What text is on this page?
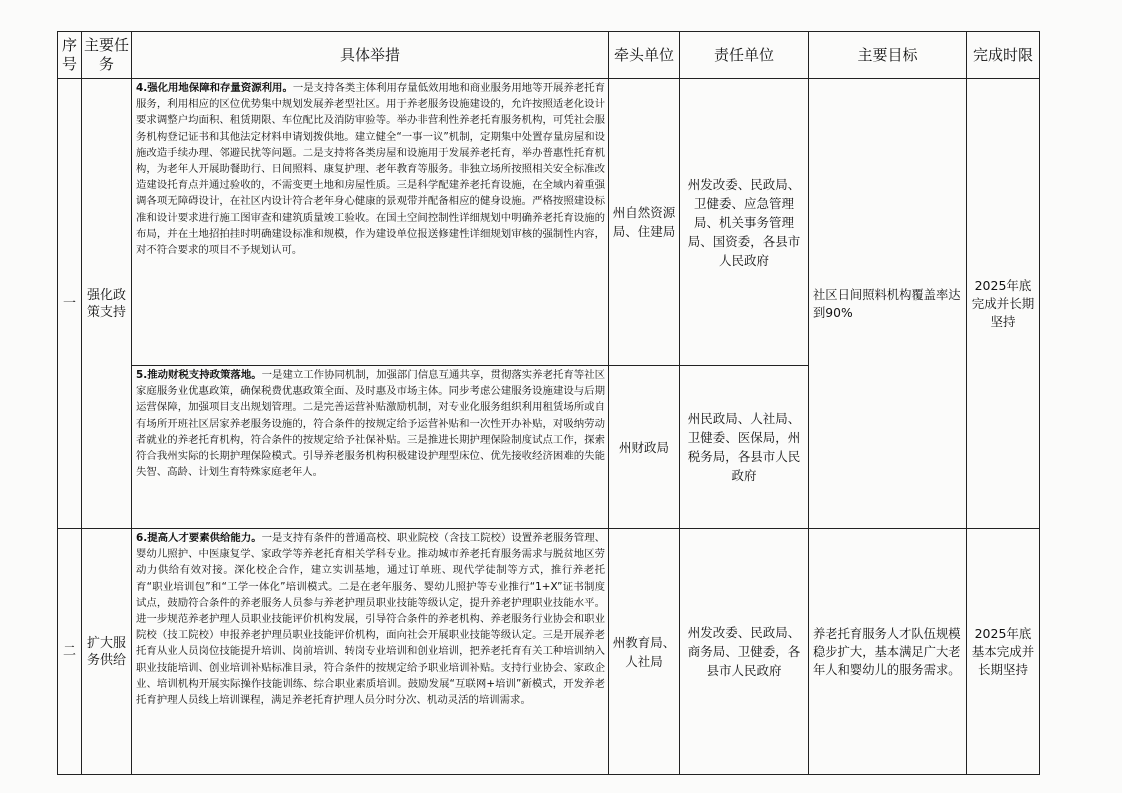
序号	主要任务	具体举措	牵头单位	责任单位	主要目标	完成时限
一	强化政策支持	4.强化用地保障和存量资源利用。一是支持各类主体利用存量低效用地和商业服务用地等开展养老托育服务，利用相应的区位优势集中规划发展养老型社区。用于养老服务设施建设的，允许按照适老化设计要求调整户均面积、租赁期限、车位配比及消防审验等。举办非营利性养老托育服务机构，可凭社会服务机构登记证书和其他法定材料申请划拨供地。建立健全“一事一议”机制，定期集中处置存量房屋和设施改造手续办理、邻避民扰等问题。二是支持将各类房屋和设施用于发展养老托育，举办普惠性托育机构，为老年人开展助餐助行、日间照料、康复护理、老年教育等服务。非独立场所按照相关安全标准改造建设托育点并通过验收的，不需变更土地和房屋性质。三是科学配建养老托育设施，在全域内着重强调各项无障碍设计，在社区内设计符合老年身心健康的景观带并配备相应的健身设施。严格按照建设标准和设计要求进行施工图审查和建筑质量竣工验收。在国土空间控制性详细规划中明确养老托育设施的布局，并在土地招拍挂时明确建设标准和规模，作为建设单位报送修建性详细规划审核的强制性内容，对不符合要求的项目不予规划认可。	州自然资源局、住建局	州发改委、民政局、卫健委、应急管理局、机关事务管理局、国资委，各县市人民政府	社区日间照料机构覆盖率达到90%	2025年底完成并长期坚持
		5.推动财税支持政策落地。一是建立工作协同机制，加强部门信息互通共享，贯彻落实养老托育等社区家庭服务业优惠政策，确保税费优惠政策全面、及时惠及市场主体。同步考虑公建服务设施建设与后期运营保障，加强项目支出规划管理。二是完善运营补贴激励机制，对专业化服务组织利用租赁场所或自有场所开班社区居家养老服务设施的，符合条件的按规定给予运营补贴和一次性开办补贴，对吸纳劳动者就业的养老托育机构，符合条件的按规定给予社保补贴。三是推进长期护理保险制度试点工作，探索符合我州实际的长期护理保险模式。引导养老服务机构积极建设护理型床位、优先接收经济困难的失能失智、高龄、计划生育特殊家庭老年人。	州财政局	州民政局、人社局、卫健委、医保局，州税务局，各县市人民政府		
二	扩大服务供给	6.提高人才要素供给能力。一是支持有条件的普通高校、职业院校（含技工院校）设置养老服务管理、婴幼儿照护、中医康复学、家政学等养老托育相关学科专业。推动城市养老托育服务需求与脱贫地区劳动力供给有效对接。深化校企合作，建立实训基地，通过订单班、现代学徒制等方式，推行养老托育“职业培训包”和“工学一体化”培训模式。二是在老年服务、婴幼儿照护等专业推行“1+X”证书制度试点，鼓励符合条件的养老服务人员参与养老护理员职业技能等级认定，提升养老护理职业技能水平。进一步规范养老护理人员职业技能评价机构发展，引导符合条件的养老机构、养老服务行业协会和职业院校（技工院校）申报养老护理员职业技能评价机构，面向社会开展职业技能等级认定。三是开展养老托育从业人员岗位技能提升培训、岗前培训、转岗专业培训和创业培训，把养老托育有关工种培训纳入职业技能培训、创业培训补贴标准目录，符合条件的按规定给予职业培训补贴。支持行业协会、家政企业、培训机构开展实际操作技能训练、综合职业素质培训。鼓励发展“互联网+培训”新模式，开发养老托育护理人员线上培训课程，满足养老托育护理人员分时分次、机动灵活的培训需求。	州教育局、人社局	州发改委、民政局、商务局、卫健委，各县市人民政府	养老托育服务人才队伍规模稳步扩大，基本满足广大老年人和婴幼儿的服务需求。	2025年底基本完成并长期坚持
